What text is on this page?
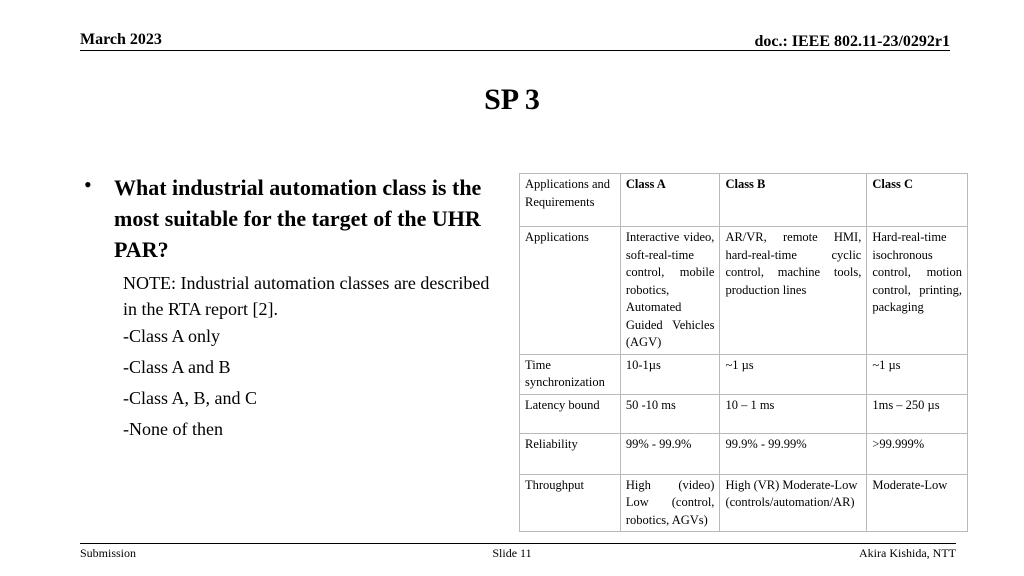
March 2023	doc.: IEEE 802.11-23/0292r1
SP 3
• What industrial automation class is the most suitable for the target of the UHR PAR?
NOTE: Industrial automation classes are described in the RTA report [2].
-Class A only
-Class A and B
-Class A, B, and C
-None of then
Applications and Requirements	Class A	Class B	Class C
Applications	Interactive video, soft-real-time control, mobile robotics, Automated Guided Vehicles (AGV)	AR/VR, remote HMI, hard-real-time cyclic control, machine tools, production lines	Hard-real-time isochronous control, motion control, printing, packaging
Time synchronization	10-1µs	~1 µs	~1 µs
Latency bound	50 -10 ms	10 – 1 ms	1ms – 250 µs
Reliability	99% - 99.9%	99.9% - 99.99%	>99.999%
Throughput	High (video) Low (control, robotics, AGVs)	High (VR) Moderate-Low (controls/automation/AR)	Moderate-Low
Submission	Slide 11	Akira Kishida, NTT
